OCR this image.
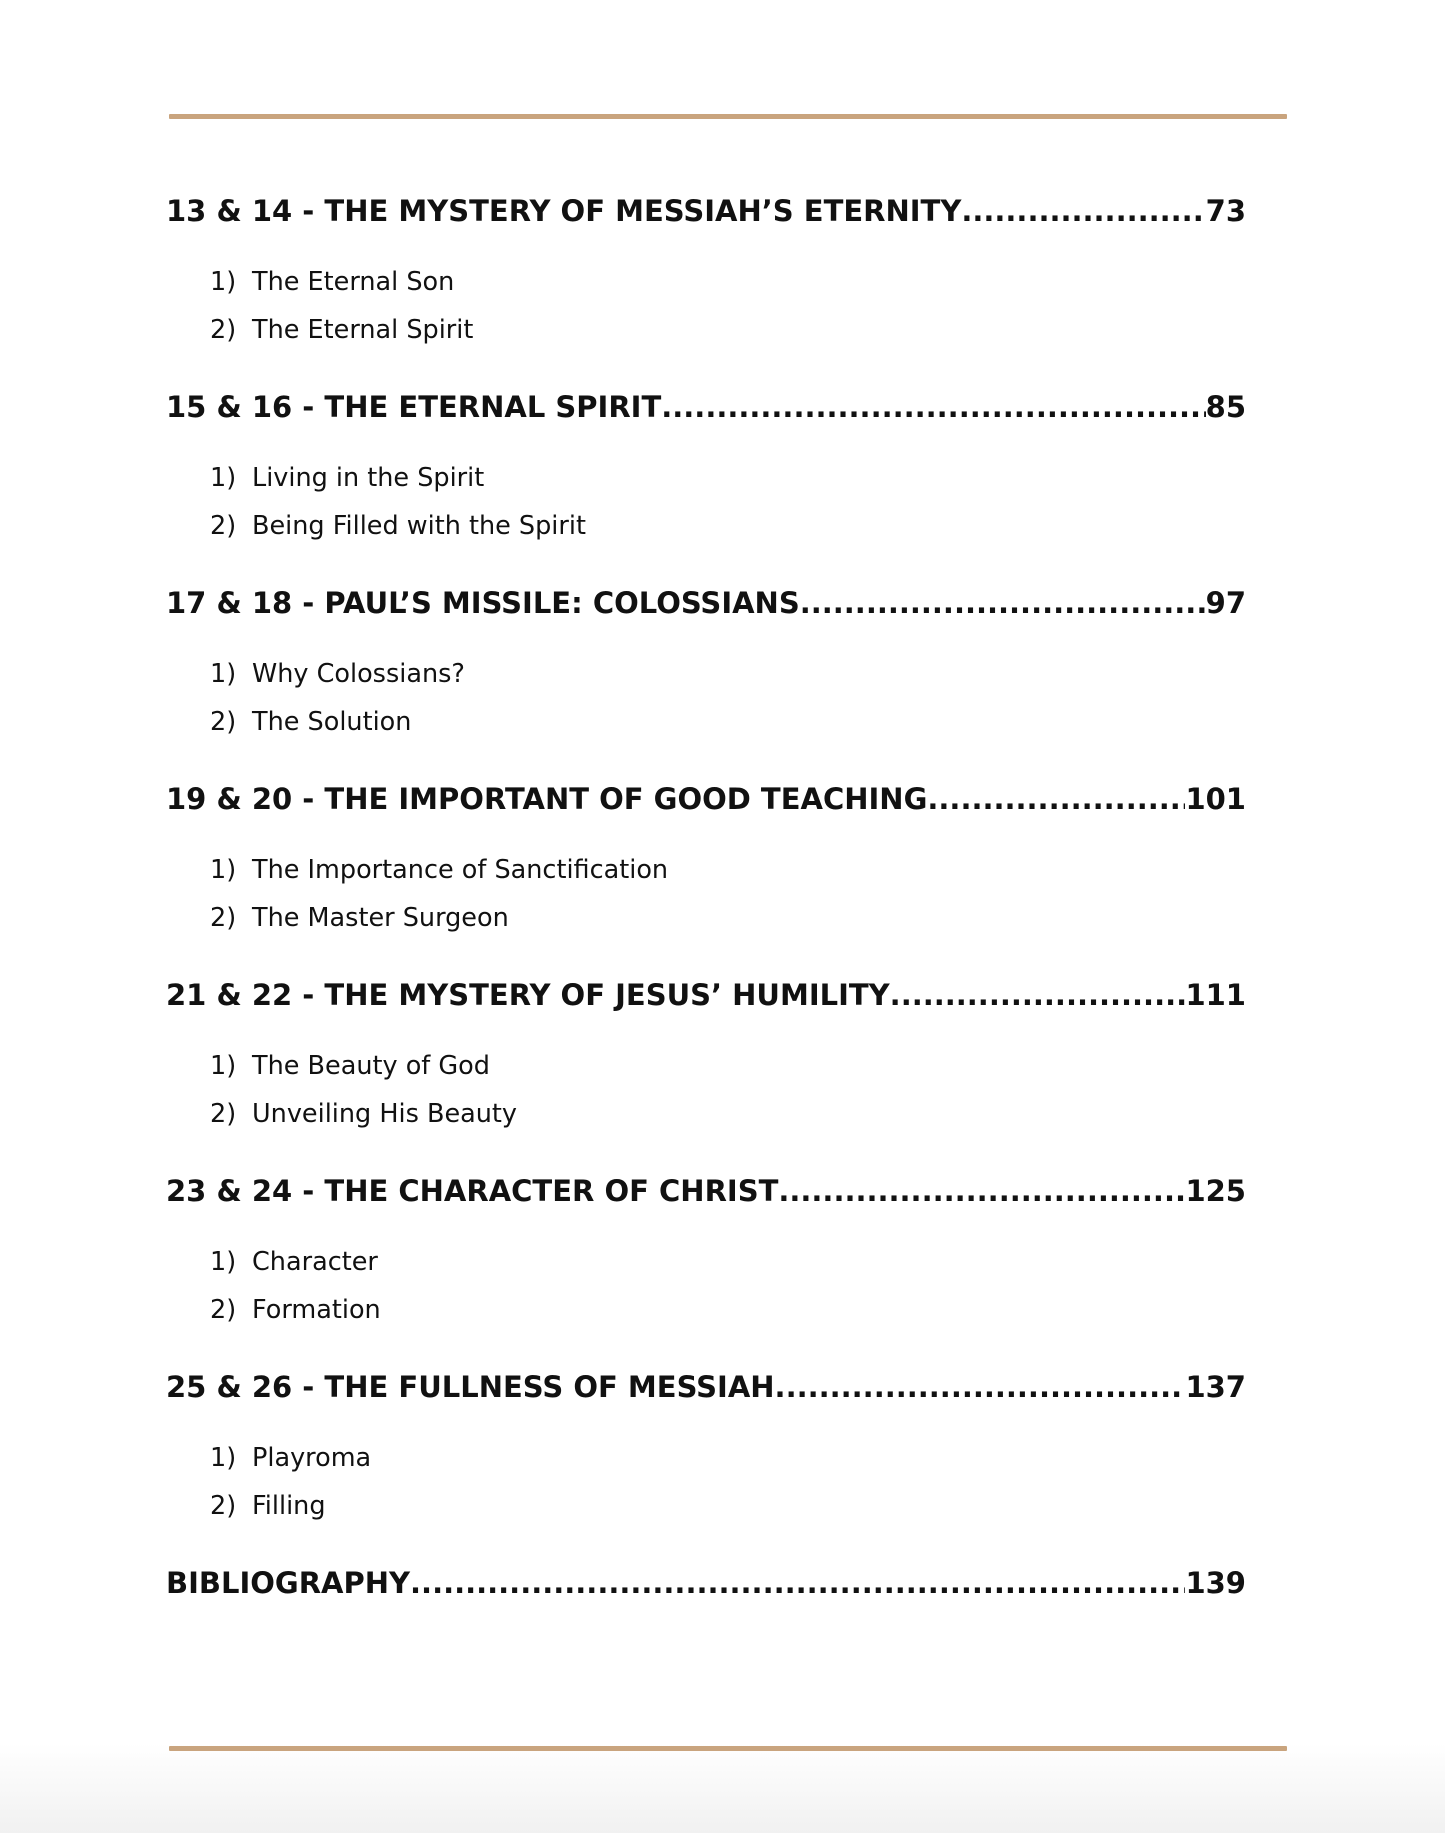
13 & 14 - THE MYSTERY OF MESSIAH’S ETERNITY .....	73
1) The Eternal Son
2) The Eternal Spirit
15 & 16 - THE ETERNAL SPIRIT .....	85
1) Living in the Spirit
2) Being Filled with the Spirit
17 & 18 - PAUL’S MISSILE: COLOSSIANS .....	97
1) Why Colossians?
2) The Solution
19 & 20 - THE IMPORTANT OF GOOD TEACHING .....	101
1) The Importance of Sanctification
2) The Master Surgeon
21 & 22 - THE MYSTERY OF JESUS’ HUMILITY .....	111
1) The Beauty of God
2) Unveiling His Beauty
23 & 24 - THE CHARACTER OF CHRIST .....	125
1) Character
2) Formation
25 & 26 - THE FULLNESS OF MESSIAH .....	137
1) Playroma
2) Filling
BIBLIOGRAPHY .....	139
